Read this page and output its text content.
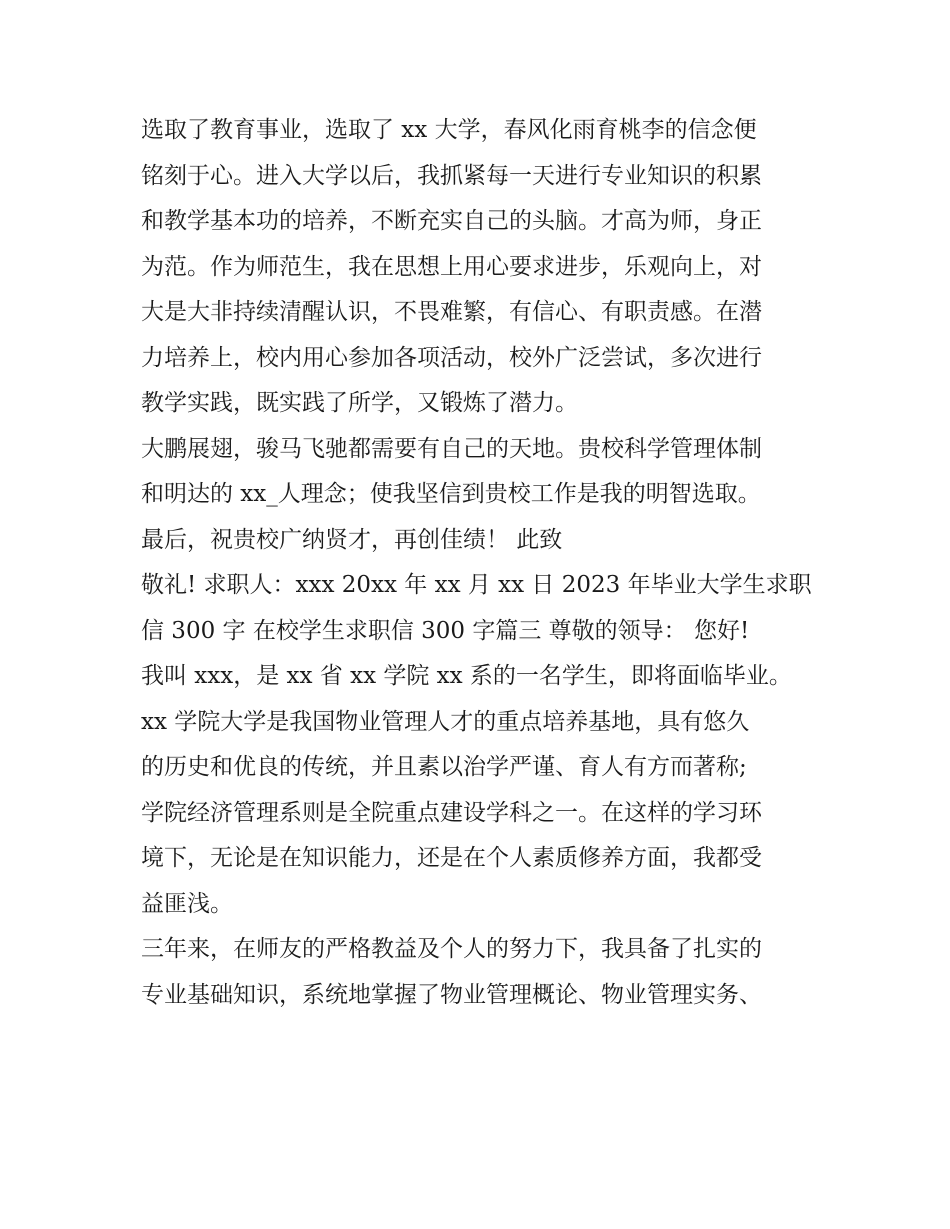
选取了教育事业，选取了 xx 大学，春风化雨育桃李的信念便
铭刻于心。进入大学以后，我抓紧每一天进行专业知识的积累
和教学基本功的培养，不断充实自己的头脑。才高为师，身正
为范。作为师范生，我在思想上用心要求进步，乐观向上，对
大是大非持续清醒认识，不畏难繁，有信心、有职责感。在潜
力培养上，校内用心参加各项活动，校外广泛尝试，多次进行
教学实践，既实践了所学，又锻炼了潜力。
大鹏展翅，骏马飞驰都需要有自己的天地。贵校科学管理体制
和明达的 xx_人理念；使我坚信到贵校工作是我的明智选取。
最后，祝贵校广纳贤才，再创佳绩！ 此致
敬礼! 求职人：xxx 20xx 年 xx 月 xx 日 2023 年毕业大学生求职
信 300 字 在校学生求职信 300 字篇三 尊敬的领导： 您好!
我叫 xxx，是 xx 省 xx 学院 xx 系的一名学生，即将面临毕业。
xx 学院大学是我国物业管理人才的重点培养基地，具有悠久
的历史和优良的传统，并且素以治学严谨、育人有方而著称;
学院经济管理系则是全院重点建设学科之一。在这样的学习环
境下，无论是在知识能力，还是在个人素质修养方面，我都受
益匪浅。
三年来，在师友的严格教益及个人的努力下，我具备了扎实的
专业基础知识，系统地掌握了物业管理概论、物业管理实务、
